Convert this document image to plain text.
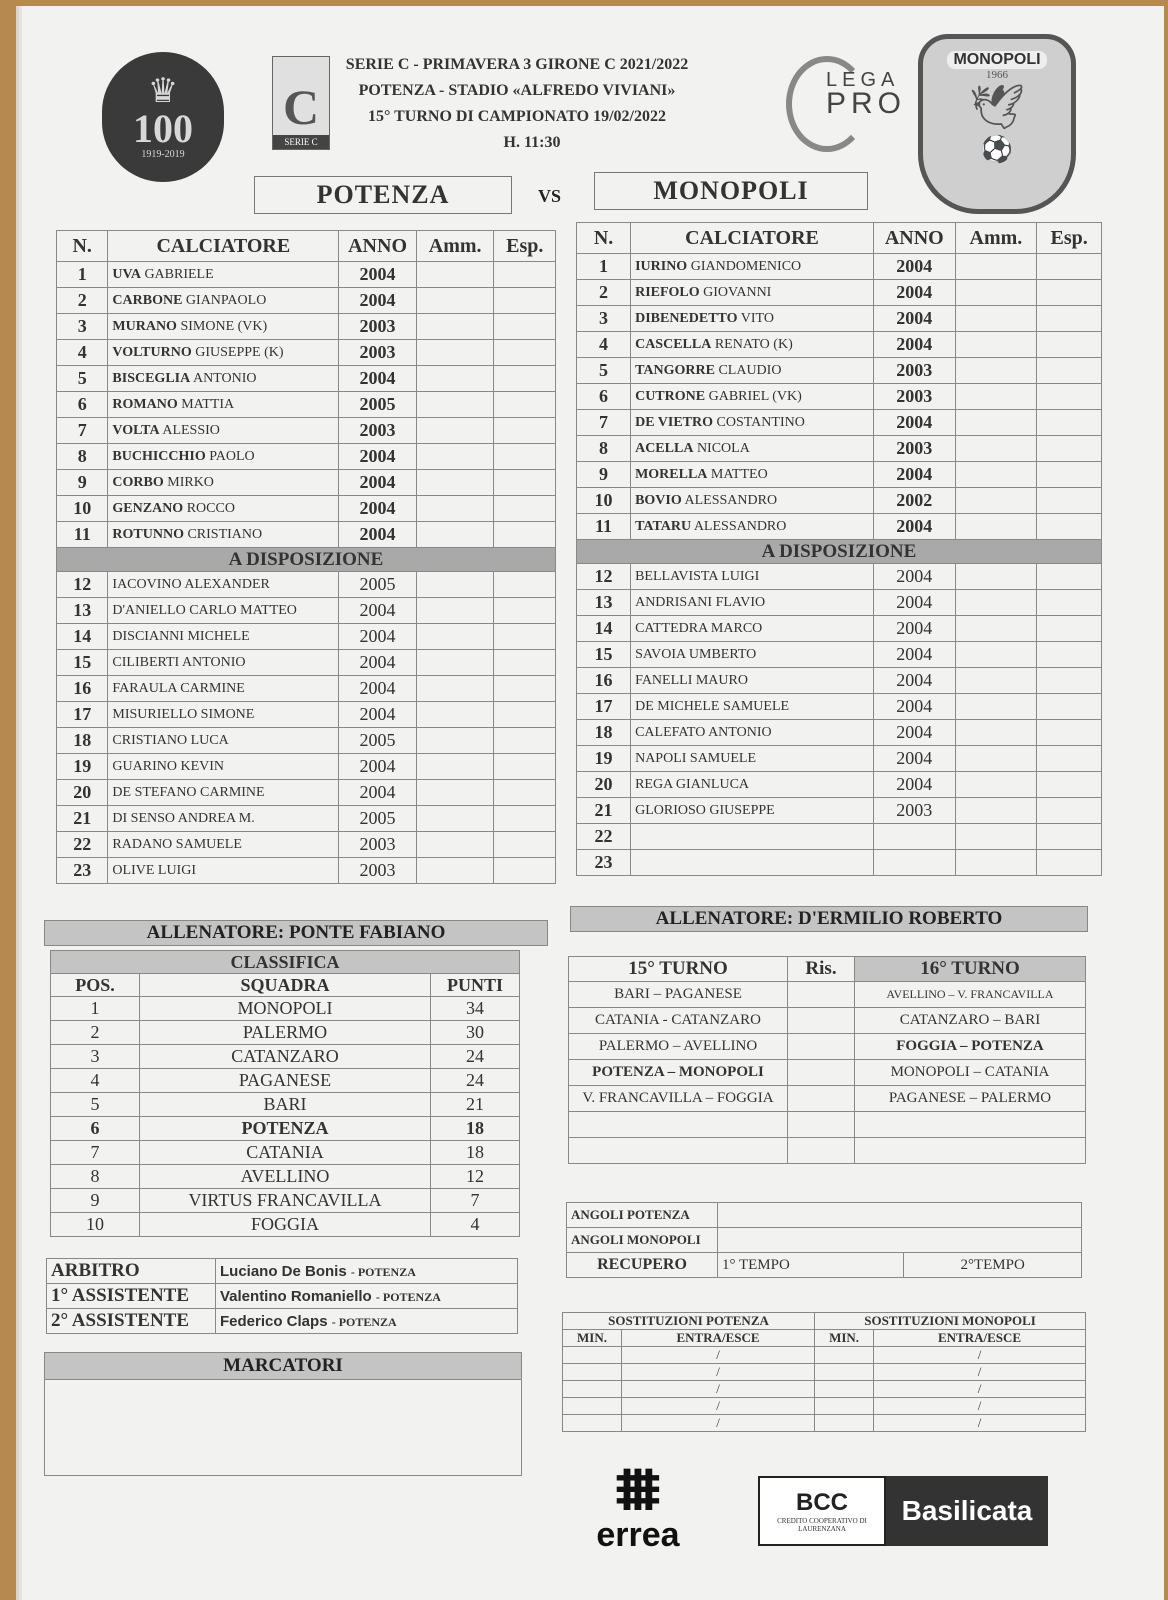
♛
100
1919-2019
C
SERIE C
SERIE C - PRIMAVERA 3 GIRONE C 2021/2022
POTENZA - STADIO «ALFREDO VIVIANI»
15° TURNO DI CAMPIONATO 19/02/2022
H. 11:30
LEGA
PRO
MONOPOLI
1966
🕊
⚽
POTENZA	VS	MONOPOLI
N.	CALCIATORE	ANNO	Amm.	Esp.
1	UVA GABRIELE	2004		
2	CARBONE GIANPAOLO	2004		
3	MURANO SIMONE (VK)	2003		
4	VOLTURNO GIUSEPPE (K)	2003		
5	BISCEGLIA ANTONIO	2004		
6	ROMANO MATTIA	2005		
7	VOLTA ALESSIO	2003		
8	BUCHICCHIO PAOLO	2004		
9	CORBO MIRKO	2004		
10	GENZANO ROCCO	2004		
11	ROTUNNO CRISTIANO	2004		
A DISPOSIZIONE				
12	IACOVINO ALEXANDER	2005		
13	D'ANIELLO CARLO MATTEO	2004		
14	DISCIANNI MICHELE	2004		
15	CILIBERTI ANTONIO	2004		
16	FARAULA CARMINE	2004		
17	MISURIELLO SIMONE	2004		
18	CRISTIANO LUCA	2005		
19	GUARINO KEVIN	2004		
20	DE STEFANO CARMINE	2004		
21	DI SENSO ANDREA M.	2005		
22	RADANO SAMUELE	2003		
23	OLIVE LUIGI	2003		
ALLENATORE: PONTE FABIANO
N.	CALCIATORE	ANNO	Amm.	Esp.
1	IURINO GIANDOMENICO	2004		
2	RIEFOLO GIOVANNI	2004		
3	DIBENEDETTO VITO	2004		
4	CASCELLA RENATO (K)	2004		
5	TANGORRE CLAUDIO	2003		
6	CUTRONE GABRIEL (VK)	2003		
7	DE VIETRO COSTANTINO	2004		
8	ACELLA NICOLA	2003		
9	MORELLA MATTEO	2004		
10	BOVIO ALESSANDRO	2002		
11	TATARU ALESSANDRO	2004		
A DISPOSIZIONE				
12	BELLAVISTA LUIGI	2004		
13	ANDRISANI FLAVIO	2004		
14	CATTEDRA MARCO	2004		
15	SAVOIA UMBERTO	2004		
16	FANELLI MAURO	2004		
17	DE MICHELE SAMUELE	2004		
18	CALEFATO ANTONIO	2004		
19	NAPOLI SAMUELE	2004		
20	REGA GIANLUCA	2004		
21	GLORIOSO GIUSEPPE	2003		
22				
23				
ALLENATORE: D'ERMILIO ROBERTO
CLASSIFICA		
POS.	SQUADRA	PUNTI
1	MONOPOLI	34
2	PALERMO	30
3	CATANZARO	24
4	PAGANESE	24
5	BARI	21
6	POTENZA	18
7	CATANIA	18
8	AVELLINO	12
9	VIRTUS FRANCAVILLA	7
10	FOGGIA	4
15° TURNO	Ris.	16° TURNO
BARI – PAGANESE		AVELLINO – V. FRANCAVILLA
CATANIA - CATANZARO		CATANZARO – BARI
PALERMO – AVELLINO		FOGGIA – POTENZA
POTENZA – MONOPOLI		MONOPOLI – CATANIA
V. FRANCAVILLA – FOGGIA		PAGANESE – PALERMO

ARBITRO	Luciano De Bonis - POTENZA
1° ASSISTENTE	Valentino Romaniello - POTENZA
2° ASSISTENTE	Federico Claps - POTENZA
ANGOLI POTENZA		
ANGOLI MONOPOLI		
RECUPERO	1° TEMPO	2°TEMPO
SOSTITUZIONI POTENZA		SOSTITUZIONI MONOPOLI	
MIN.	ENTRA/ESCE	MIN.	ENTRA/ESCE
	/		/
	/		/
	/		/
	/		/
	/		/
MARCATORI
⩩
errea
BCC
CREDITO COOPERATIVO DI LAURENZANA
Basilicata
